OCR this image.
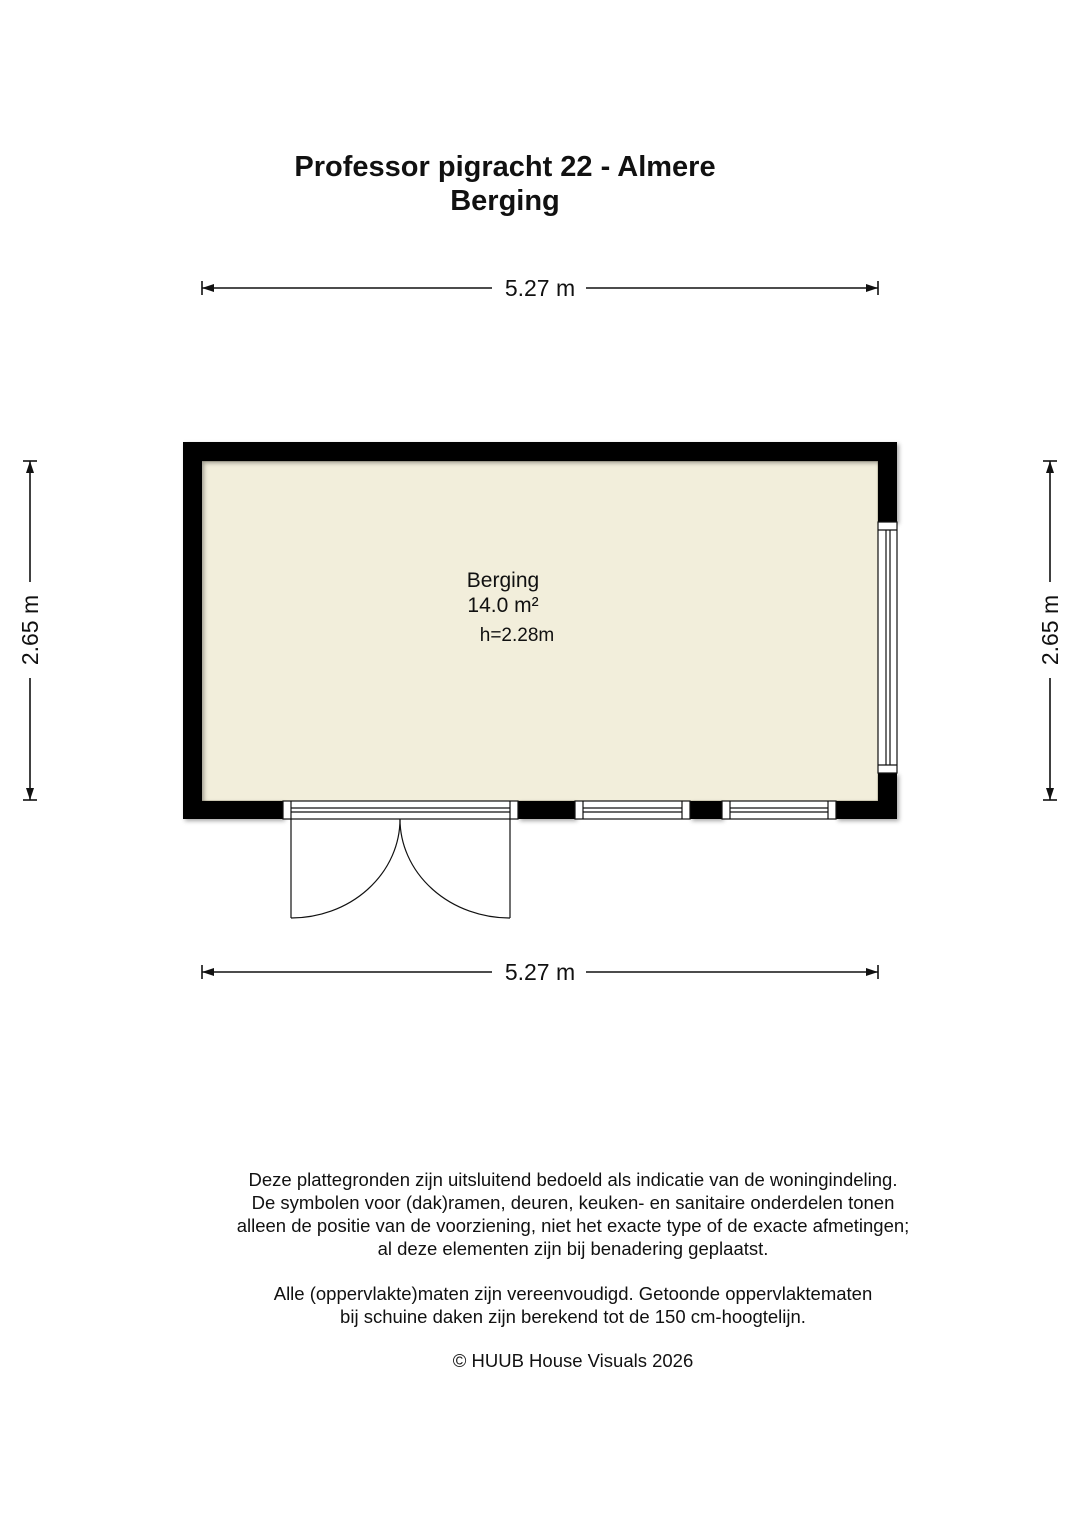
Professor pigracht 22 - Almere
Berging
5.27 m
5.27 m
2.65 m	2.65 m
Berging
14.0 m²
h=2.28m
Deze plattegronden zijn uitsluitend bedoeld als indicatie van de woningindeling.
De symbolen voor (dak)ramen, deuren, keuken- en sanitaire onderdelen tonen
alleen de positie van de voorziening, niet het exacte type of de exacte afmetingen;
al deze elementen zijn bij benadering geplaatst.
Alle (oppervlakte)maten zijn vereenvoudigd. Getoonde oppervlaktematen
bij schuine daken zijn berekend tot de 150 cm-hoogtelijn.
© HUUB House Visuals 2026
